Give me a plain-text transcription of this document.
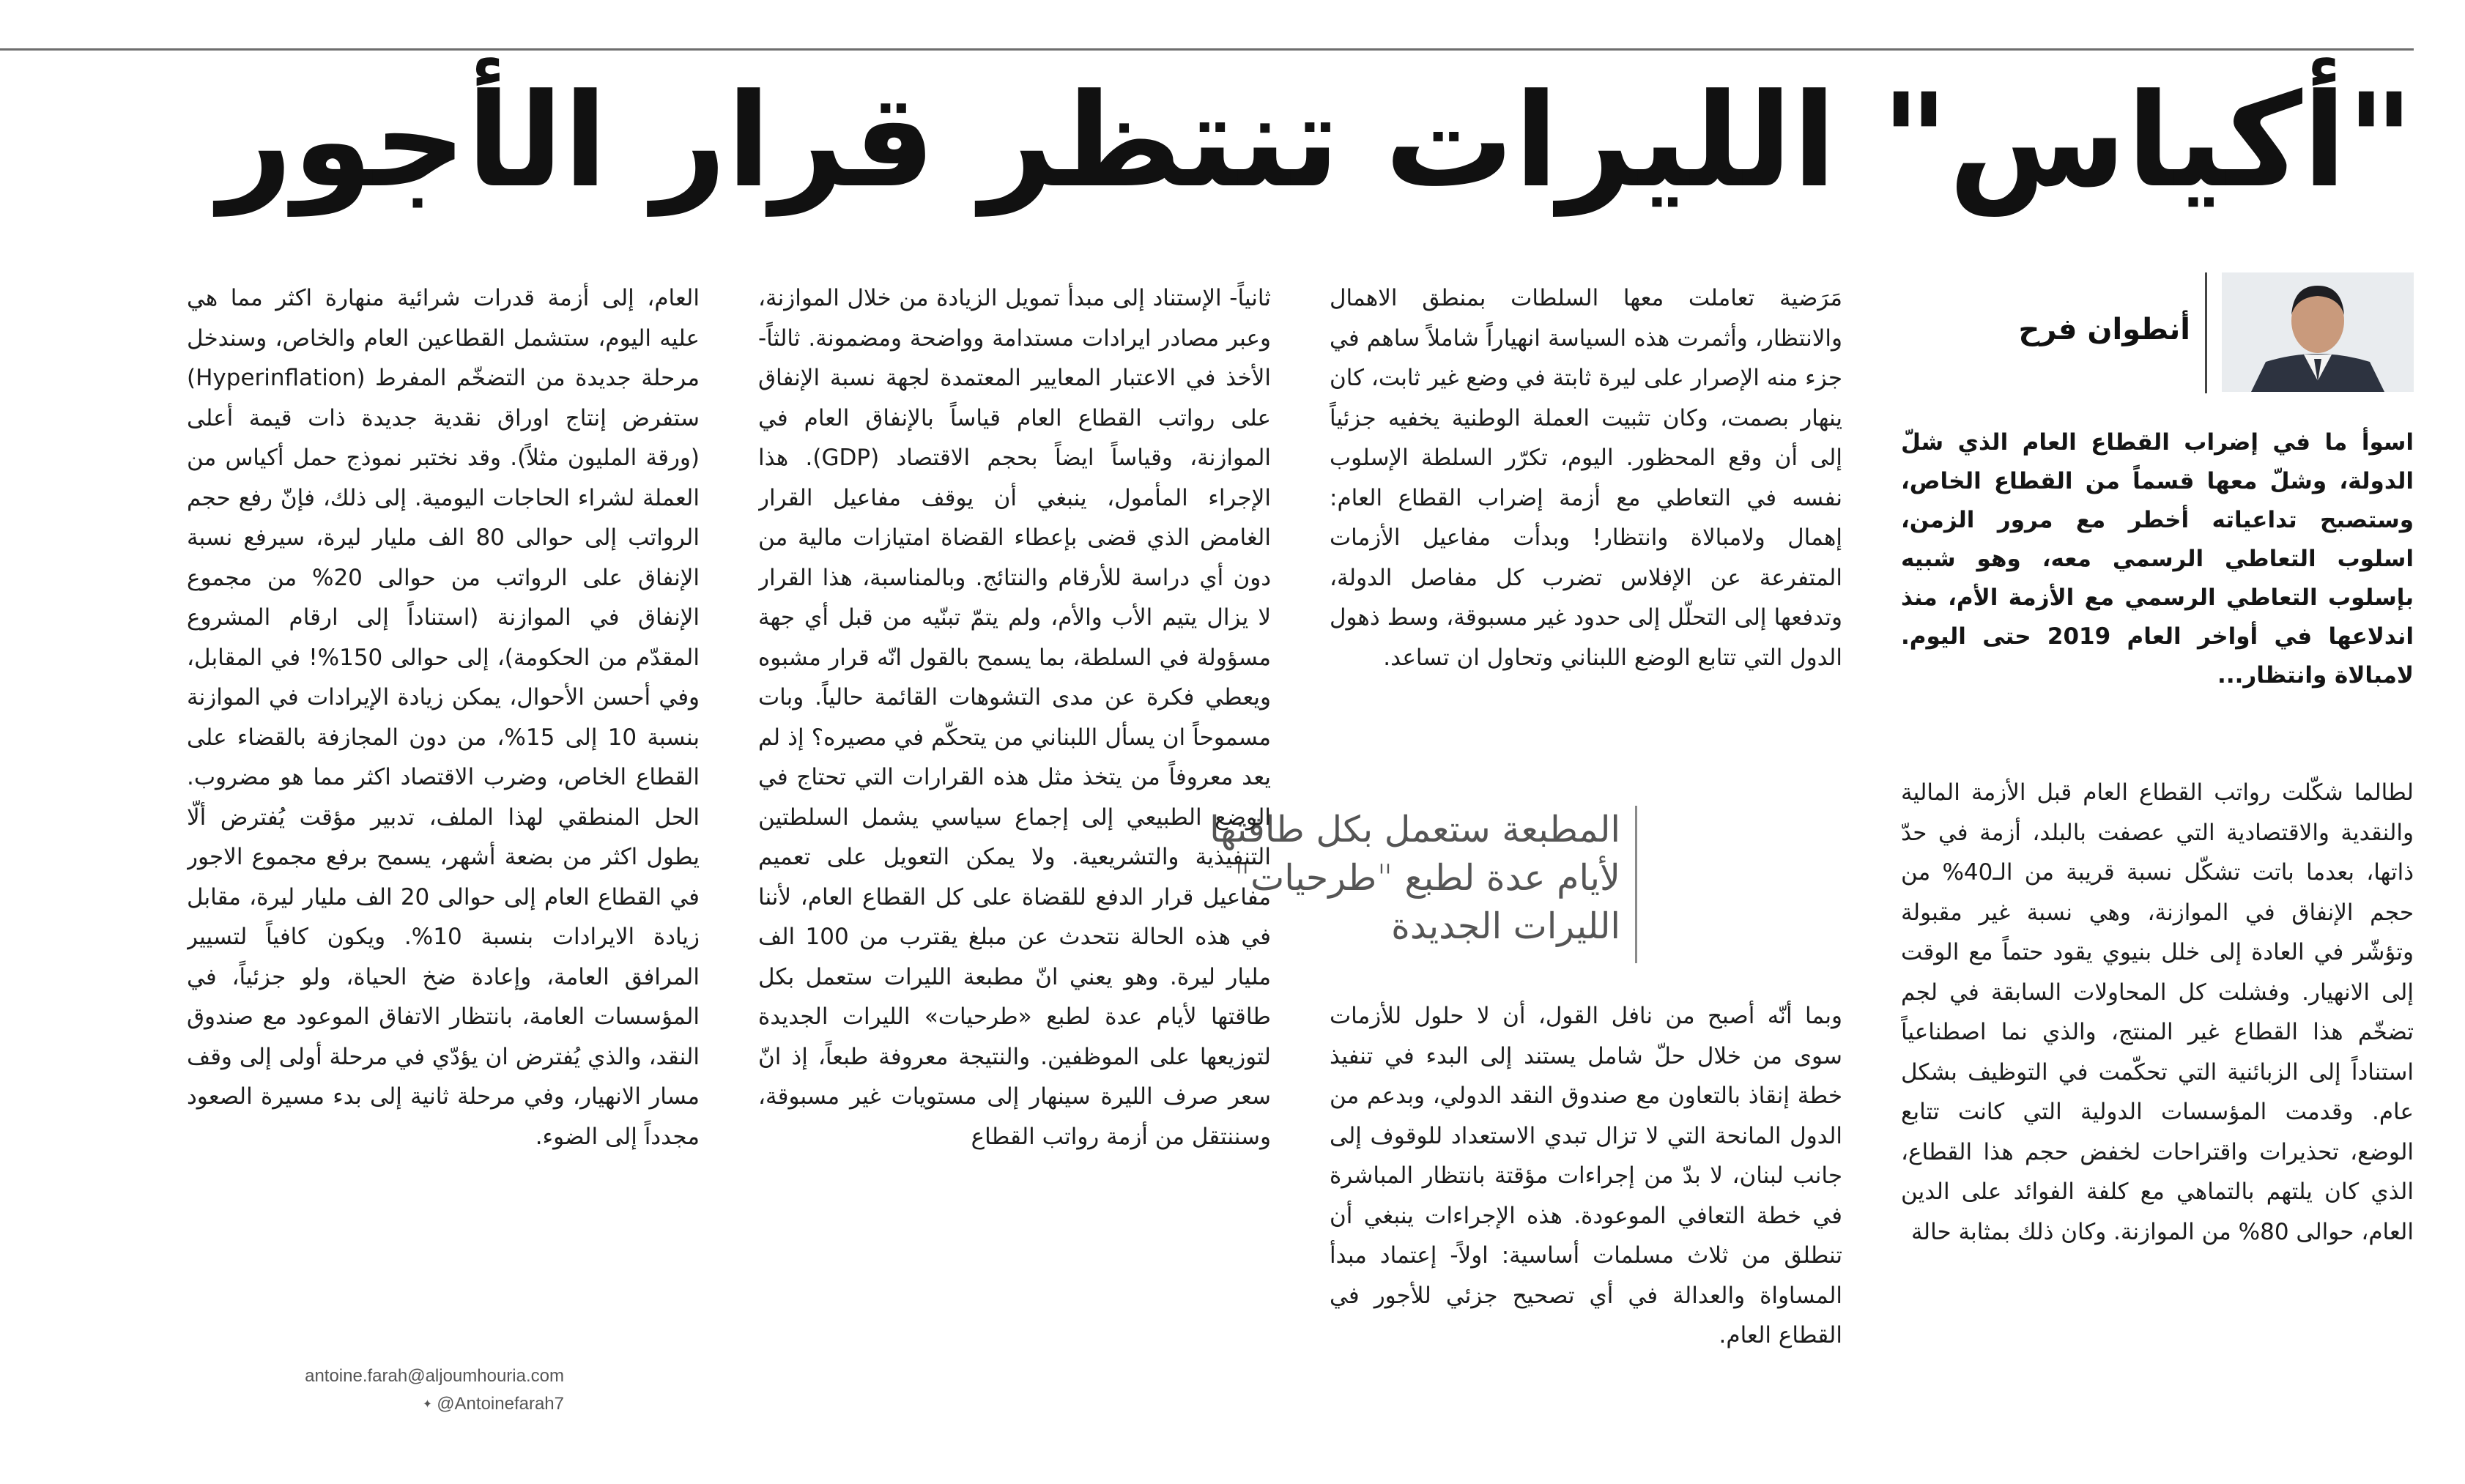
"أكياس" الليرات تنتظر قرار الأجور

أنطوان فرح

اسوأ ما في إضراب القطاع العام الذي شلّ الدولة، وشلّ معها قسماً من القطاع الخاص، وستصبح تداعياته أخطر مع مرور الزمن، اسلوب التعاطي الرسمي معه، وهو شبيه بإسلوب التعاطي الرسمي مع الأزمة الأم، منذ اندلاعها في أواخر العام 2019 حتى اليوم. لامبالاة وانتظار...

لطالما شكّلت رواتب القطاع العام قبل الأزمة المالية والنقدية والاقتصادية التي عصفت بالبلد، أزمة في حدّ ذاتها، بعدما باتت تشكّل نسبة قريبة من الـ40% من حجم الإنفاق في الموازنة، وهي نسبة غير مقبولة وتؤشّر في العادة إلى خلل بنيوي يقود حتماً مع الوقت إلى الانهيار. وفشلت كل المحاولات السابقة في لجم تضخّم هذا القطاع غير المنتج، والذي نما اصطناعياً استناداً إلى الزبائنية التي تحكّمت في التوظيف بشكل عام. وقدمت المؤسسات الدولية التي كانت تتابع الوضع، تحذيرات واقتراحات لخفض حجم هذا القطاع، الذي كان يلتهم بالتماهي مع كلفة الفوائد على الدين العام، حوالى 80% من الموازنة. وكان ذلك بمثابة حالة

مَرَضية تعاملت معها السلطات بمنطق الاهمال والانتظار، وأثمرت هذه السياسة انهياراً شاملاً ساهم في جزء منه الإصرار على ليرة ثابتة في وضع غير ثابت، كان ينهار بصمت، وكان تثبيت العملة الوطنية يخفيه جزئياً إلى أن وقع المحظور. اليوم، تكرّر السلطة الإسلوب نفسه في التعاطي مع أزمة إضراب القطاع العام: إهمال ولامبالاة وانتظار! وبدأت مفاعيل الأزمات المتفرعة عن الإفلاس تضرب كل مفاصل الدولة، وتدفعها إلى التحلّل إلى حدود غير مسبوقة، وسط ذهول الدول التي تتابع الوضع اللبناني وتحاول ان تساعد.

المطبعة ستعمل بكل طاقتها لأيام عدة لطبع "طرحيات" الليرات الجديدة

وبما أنّه أصبح من نافل القول، أن لا حلول للأزمات سوى من خلال حلّ شامل يستند إلى البدء في تنفيذ خطة إنقاذ بالتعاون مع صندوق النقد الدولي، وبدعم من الدول المانحة التي لا تزال تبدي الاستعداد للوقوف إلى جانب لبنان، لا بدّ من إجراءات مؤقتة بانتظار المباشرة في خطة التعافي الموعودة. هذه الإجراءات ينبغي أن تنطلق من ثلاث مسلمات أساسية: اولاً- إعتماد مبدأ المساواة والعدالة في أي تصحيح جزئي للأجور في القطاع العام.

ثانياً- الإستناد إلى مبدأ تمويل الزيادة من خلال الموازنة، وعبر مصادر ايرادات مستدامة وواضحة ومضمونة. ثالثاً- الأخذ في الاعتبار المعايير المعتمدة لجهة نسبة الإنفاق على رواتب القطاع العام قياساً بالإنفاق العام في الموازنة، وقياساً ايضاً بحجم الاقتصاد (GDP). هذا الإجراء المأمول، ينبغي أن يوقف مفاعيل القرار الغامض الذي قضى بإعطاء القضاة امتيازات مالية من دون أي دراسة للأرقام والنتائج. وبالمناسبة، هذا القرار لا يزال يتيم الأب والأم، ولم يتمّ تبنّيه من قبل أي جهة مسؤولة في السلطة، بما يسمح بالقول انّه قرار مشبوه ويعطي فكرة عن مدى التشوهات القائمة حالياً. وبات مسموحاً ان يسأل اللبناني من يتحكّم في مصيره؟ إذ لم يعد معروفاً من يتخذ مثل هذه القرارات التي تحتاج في الوضع الطبيعي إلى إجماع سياسي يشمل السلطتين التنفيذية والتشريعية. ولا يمكن التعويل على تعميم مفاعيل قرار الدفع للقضاة على كل القطاع العام، لأننا في هذه الحالة نتحدث عن مبلغ يقترب من 100 الف مليار ليرة. وهو يعني انّ مطبعة الليرات ستعمل بكل طاقتها لأيام عدة لطبع «طرحيات» الليرات الجديدة لتوزيعها على الموظفين. والنتيجة معروفة طبعاً، إذ انّ سعر صرف الليرة سينهار إلى مستويات غير مسبوقة، وسننتقل من أزمة رواتب القطاع

العام، إلى أزمة قدرات شرائية منهارة اكثر مما هي عليه اليوم، ستشمل القطاعين العام والخاص، وسندخل مرحلة جديدة من التضخّم المفرط (Hyperinflation) ستفرض إنتاج اوراق نقدية جديدة ذات قيمة أعلى (ورقة المليون مثلاً). وقد نختبر نموذج حمل أكياس من العملة لشراء الحاجات اليومية. إلى ذلك، فإنّ رفع حجم الرواتب إلى حوالى 80 الف مليار ليرة، سيرفع نسبة الإنفاق على الرواتب من حوالى 20% من مجموع الإنفاق في الموازنة (استناداً إلى ارقام المشروع المقدّم من الحكومة)، إلى حوالى 150%! في المقابل، وفي أحسن الأحوال، يمكن زيادة الإيرادات في الموازنة بنسبة 10 إلى 15%، من دون المجازفة بالقضاء على القطاع الخاص، وضرب الاقتصاد اكثر مما هو مضروب. الحل المنطقي لهذا الملف، تدبير مؤقت يُفترض ألّا يطول اكثر من بضعة أشهر، يسمح برفع مجموع الاجور في القطاع العام إلى حوالى 20 الف مليار ليرة، مقابل زيادة الايرادات بنسبة 10%. ويكون كافياً لتسيير المرافق العامة، وإعادة ضخ الحياة، ولو جزئياً، في المؤسسات العامة، بانتظار الاتفاق الموعود مع صندوق النقد، والذي يُفترض ان يؤدّي في مرحلة أولى إلى وقف مسار الانهيار، وفي مرحلة ثانية إلى بدء مسيرة الصعود مجدداً إلى الضوء.

antoine.farah@aljoumhouria.com

✦ @Antoinefarah7
